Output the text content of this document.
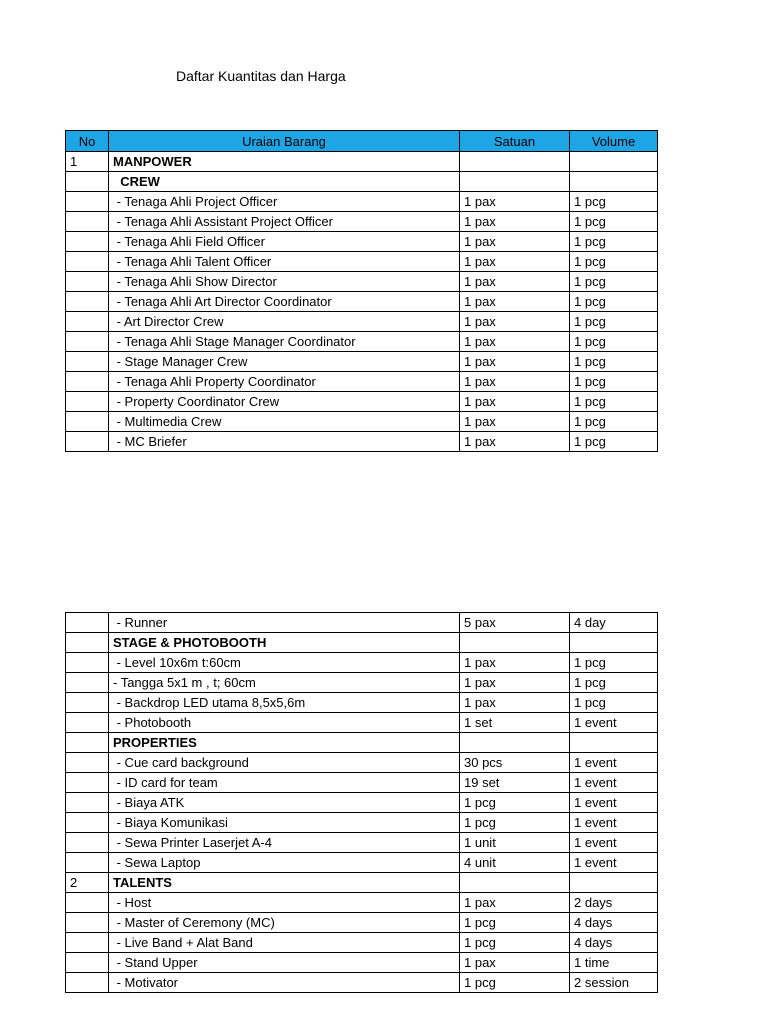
Daftar Kuantitas dan Harga
No	Uraian Barang	Satuan	Volume
1	MANPOWER		
	CREW		
	- Tenaga Ahli Project Officer	1 pax	1 pcg
	- Tenaga Ahli Assistant Project Officer	1 pax	1 pcg
	- Tenaga Ahli Field Officer	1 pax	1 pcg
	- Tenaga Ahli Talent Officer	1 pax	1 pcg
	- Tenaga Ahli Show Director	1 pax	1 pcg
	- Tenaga Ahli Art Director Coordinator	1 pax	1 pcg
	- Art Director Crew	1 pax	1 pcg
	- Tenaga Ahli Stage Manager Coordinator	1 pax	1 pcg
	- Stage Manager Crew	1 pax	1 pcg
	- Tenaga Ahli Property Coordinator	1 pax	1 pcg
	- Property Coordinator Crew	1 pax	1 pcg
	- Multimedia Crew	1 pax	1 pcg
	- MC Briefer	1 pax	1 pcg
	- Runner	5 pax	4 day
	STAGE & PHOTOBOOTH		
	- Level 10x6m t:60cm	1 pax	1 pcg
	- Tangga 5x1 m , t; 60cm	1 pax	1 pcg
	- Backdrop LED utama 8,5x5,6m	1 pax	1 pcg
	- Photobooth	1 set	1 event
	PROPERTIES		
	- Cue card background	30 pcs	1 event
	- ID card for team	19 set	1 event
	- Biaya ATK	1 pcg	1 event
	- Biaya Komunikasi	1 pcg	1 event
	- Sewa Printer Laserjet A-4	1 unit	1 event
	- Sewa Laptop	4 unit	1 event
2	TALENTS		
	- Host	1 pax	2 days
	- Master of Ceremony (MC)	1 pcg	4 days
	- Live Band + Alat Band	1 pcg	4 days
	- Stand Upper	1 pax	1 time
	- Motivator	1 pcg	2 session
